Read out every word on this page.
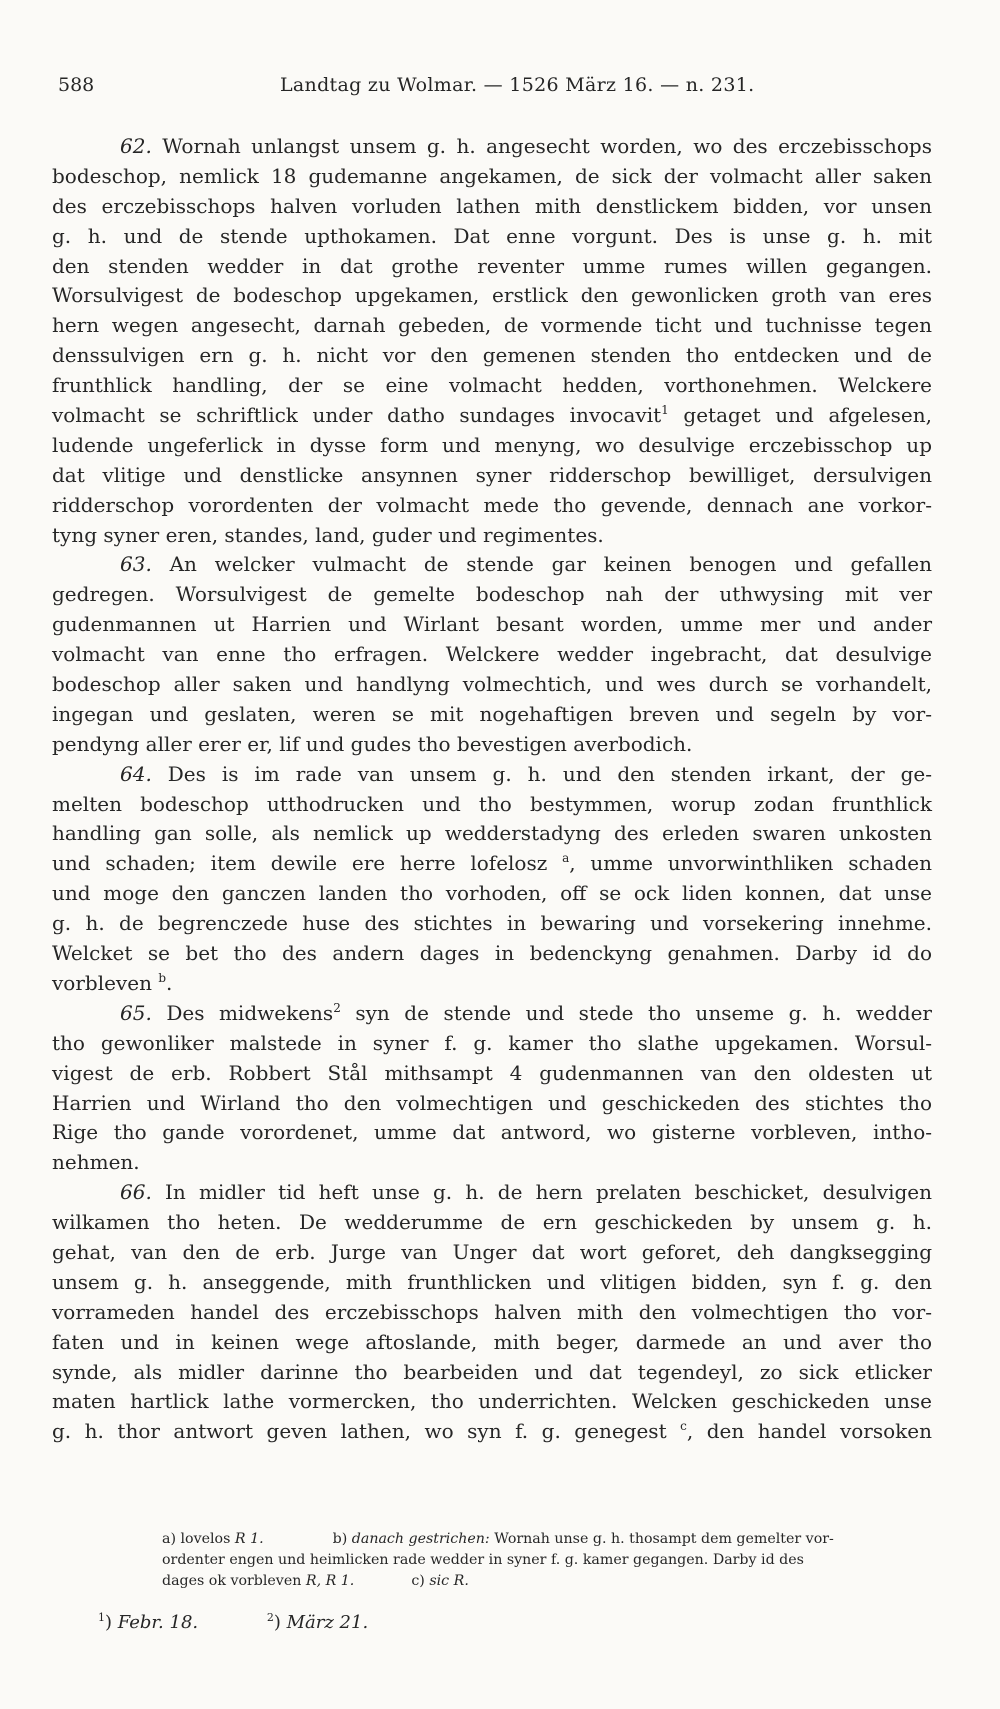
588	Landtag zu Wolmar. — 1526 März 16. — n. 231.
62. Wornah unlangst unsem g. h. angesecht worden, wo des erczebisschops
bodeschop, nemlick 18 gudemanne angekamen, de sick der volmacht aller saken
des erczebisschops halven vorluden lathen mith denstlickem bidden, vor unsen
g. h. und de stende upthokamen. Dat enne vorgunt. Des is unse g. h. mit
den stenden wedder in dat grothe reventer umme rumes willen gegangen.
Worsulvigest de bodeschop upgekamen, erstlick den gewonlicken groth van eres
hern wegen angesecht, darnah gebeden, de vormende ticht und tuchnisse tegen
denssulvigen ern g. h. nicht vor den gemenen stenden tho entdecken und de
frunthlick handling, der se eine volmacht hedden, vorthonehmen. Welckere
volmacht se schriftlick under datho sundages invocavit$^1$ getaget und afgelesen,
ludende ungeferlick in dysse form und menyng, wo desulvige erczebisschop up
dat vlitige und denstlicke ansynnen syner ridderschop bewilliget, dersulvigen
ridderschop vorordenten der volmacht mede tho gevende, dennach ane vorkor-
tyng syner eren, standes, land, guder und regimentes.
63. An welcker vulmacht de stende gar keinen benogen und gefallen
gedregen. Worsulvigest de gemelte bodeschop nah der uthwysing mit ver
gudenmannen ut Harrien und Wirlant besant worden, umme mer und ander
volmacht van enne tho erfragen. Welckere wedder ingebracht, dat desulvige
bodeschop aller saken und handlyng volmechtich, und wes durch se vorhandelt,
ingegan und geslaten, weren se mit nogehaftigen breven und segeln by vor-
pendyng aller erer er, lif und gudes tho bevestigen averbodich.
64. Des is im rade van unsem g. h. und den stenden irkant, der ge-
melten bodeschop utthodrucken und tho bestymmen, worup zodan frunthlick
handling gan solle, als nemlick up wedderstadyng des erleden swaren unkosten
und schaden; item dewile ere herre lofelosz $^a$, umme unvorwinthliken schaden
und moge den ganczen landen tho vorhoden, off se ock liden konnen, dat unse
g. h. de begrenczede huse des stichtes in bewaring und vorsekering innehme.
Welcket se bet tho des andern dages in bedenckyng genahmen. Darby id do
vorbleven $^b$.
65. Des midwekens$^2$ syn de stende und stede tho unseme g. h. wedder
tho gewonliker malstede in syner f. g. kamer tho slathe upgekamen. Worsul-
vigest de erb. Robbert Stål mithsampt 4 gudenmannen van den oldesten ut
Harrien und Wirland tho den volmechtigen und geschickeden des stichtes tho
Rige tho gande vorordenet, umme dat antword, wo gisterne vorbleven, intho-
nehmen.
66. In midler tid heft unse g. h. de hern prelaten beschicket, desulvigen
wilkamen tho heten. De wedderumme de ern geschickeden by unsem g. h.
gehat, van den de erb. Jurge van Unger dat wort geforet, deh dangksegging
unsem g. h. anseggende, mith frunthlicken und vlitigen bidden, syn f. g. den
vorrameden handel des erczebisschops halven mith den volmechtigen tho vor-
faten und in keinen wege aftoslande, mith beger, darmede an und aver tho
synde, als midler darinne tho bearbeiden und dat tegendeyl, zo sick etlicker
maten hartlick lathe vormercken, tho underrichten. Welcken geschickeden unse
g. h. thor antwort geven lathen, wo syn f. g. genegest $^c$, den handel vorsoken
a) lovelos R 1.	b) danach gestrichen: Wornah unse g. h. thosampt dem gemelter vor-
ordenter engen und heimlicken rade wedder in syner f. g. kamer gegangen. Darby id des
dages ok vorbleven R, R 1.	c) sic R.
$^1$) Febr. 18.	$^2$) März 21.
